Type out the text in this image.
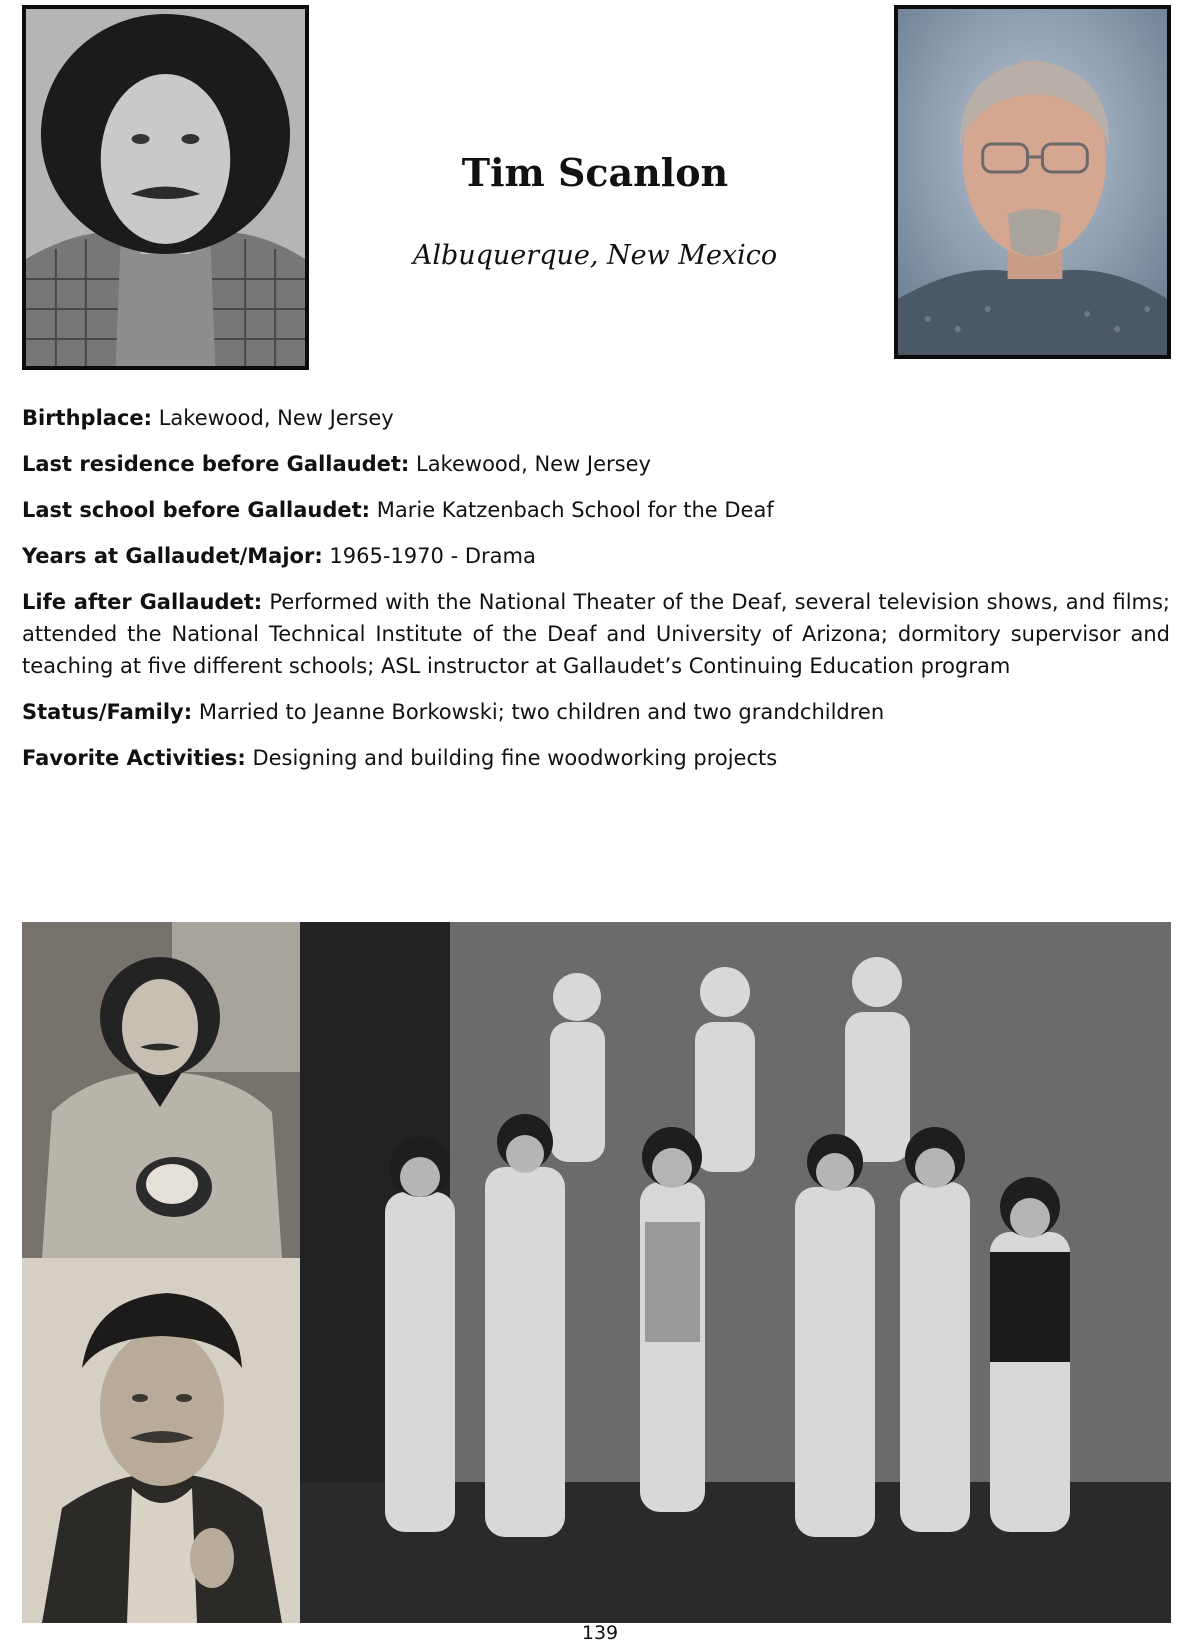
Tim Scanlon

Albuquerque, New Mexico

Birthplace: Lakewood, New Jersey

Last residence before Gallaudet: Lakewood, New Jersey

Last school before Gallaudet: Marie Katzenbach School for the Deaf

Years at Gallaudet/Major: 1965-1970 - Drama

Life after Gallaudet: Performed with the National Theater of the Deaf, several television shows, and films; attended the National Technical Institute of the Deaf and University of Arizona; dormitory supervisor and teaching at five different schools; ASL instructor at Gallaudet’s Continuing Education program

Status/Family: Married to Jeanne Borkowski; two children and two grandchildren

Favorite Activities: Designing and building fine woodworking projects

139
